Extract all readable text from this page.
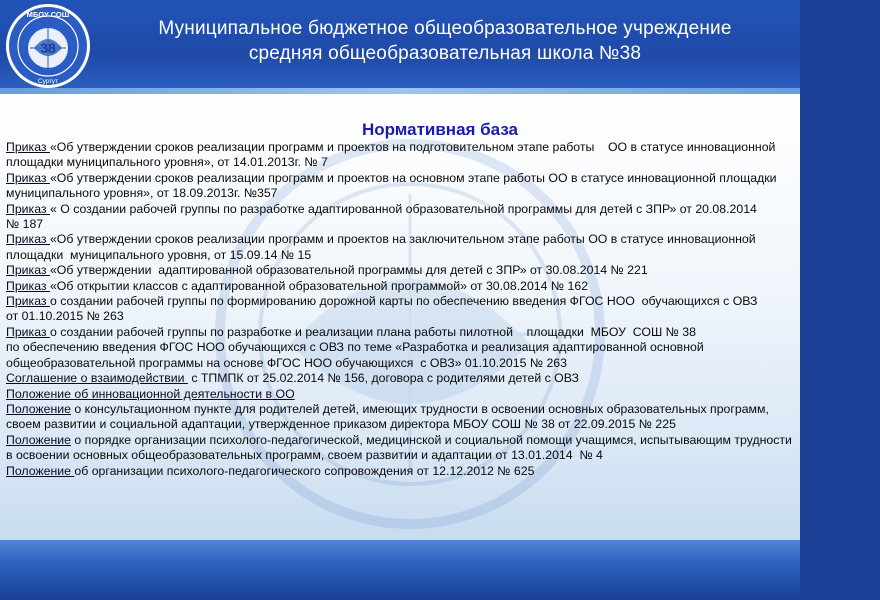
МБОУ СОШ
38
Сургут
Муниципальное бюджетное общеобразовательное учреждение
средняя общеобразовательная школа №38
Нормативная база

Приказ «Об утверждении сроков реализации программ и проектов на подготовительном этапе работы    ОО в статусе инновационной площадки муниципального уровня», от 14.01.2013г. № 7

Приказ «Об утверждении сроков реализации программ и проектов на основном этапе работы ОО в статусе инновационной площадки муниципального уровня», от 18.09.2013г. №357

Приказ « О создании рабочей группы по разработке адаптированной образовательной программы для детей с ЗПР» от 20.08.2014                  № 187

Приказ «Об утверждении сроков реализации программ и проектов на заключительном этапе работы ОО в статусе инновационной площадки  муниципального уровня, от 15.09.14 № 15

Приказ «Об утверждении  адаптированной образовательной программы для детей с ЗПР» от 30.08.2014 № 221

Приказ «Об открытии классов с адаптированной образовательной программой» от 30.08.2014 № 162

Приказ о создании рабочей группы по формированию дорожной карты по обеспечению введения ФГОС НОО  обучающихся с ОВЗ                от 01.10.2015 № 263

Приказ о создании рабочей группы по разработке и реализации плана работы пилотной    площадки  МБОУ  СОШ № 38                           по обеспечению введения ФГОС НОО обучающихся с ОВЗ по теме «Разработка и реализация адаптированной основной  общеобразовательной программы на основе ФГОС НОО обучающихся  с ОВЗ» 01.10.2015 № 263

Соглашение о взаимодействии  с ТПМПК от 25.02.2014 № 156, договора с родителями детей с ОВЗ

Положение об инновационной деятельности в ОО

Положение о консультационном пункте для родителей детей, имеющих трудности в освоении основных образовательных программ, своем развитии и социальной адаптации, утвержденное приказом директора МБОУ СОШ № 38 от 22.09.2015 № 225

Положение о порядке организации психолого-педагогической, медицинской и социальной помощи учащимся, испытывающим трудности в освоении основных общеобразовательных программ, своем развитии и адаптации от 13.01.2014  № 4

Положение об организации психолого-педагогического сопровождения от 12.12.2012 № 625
